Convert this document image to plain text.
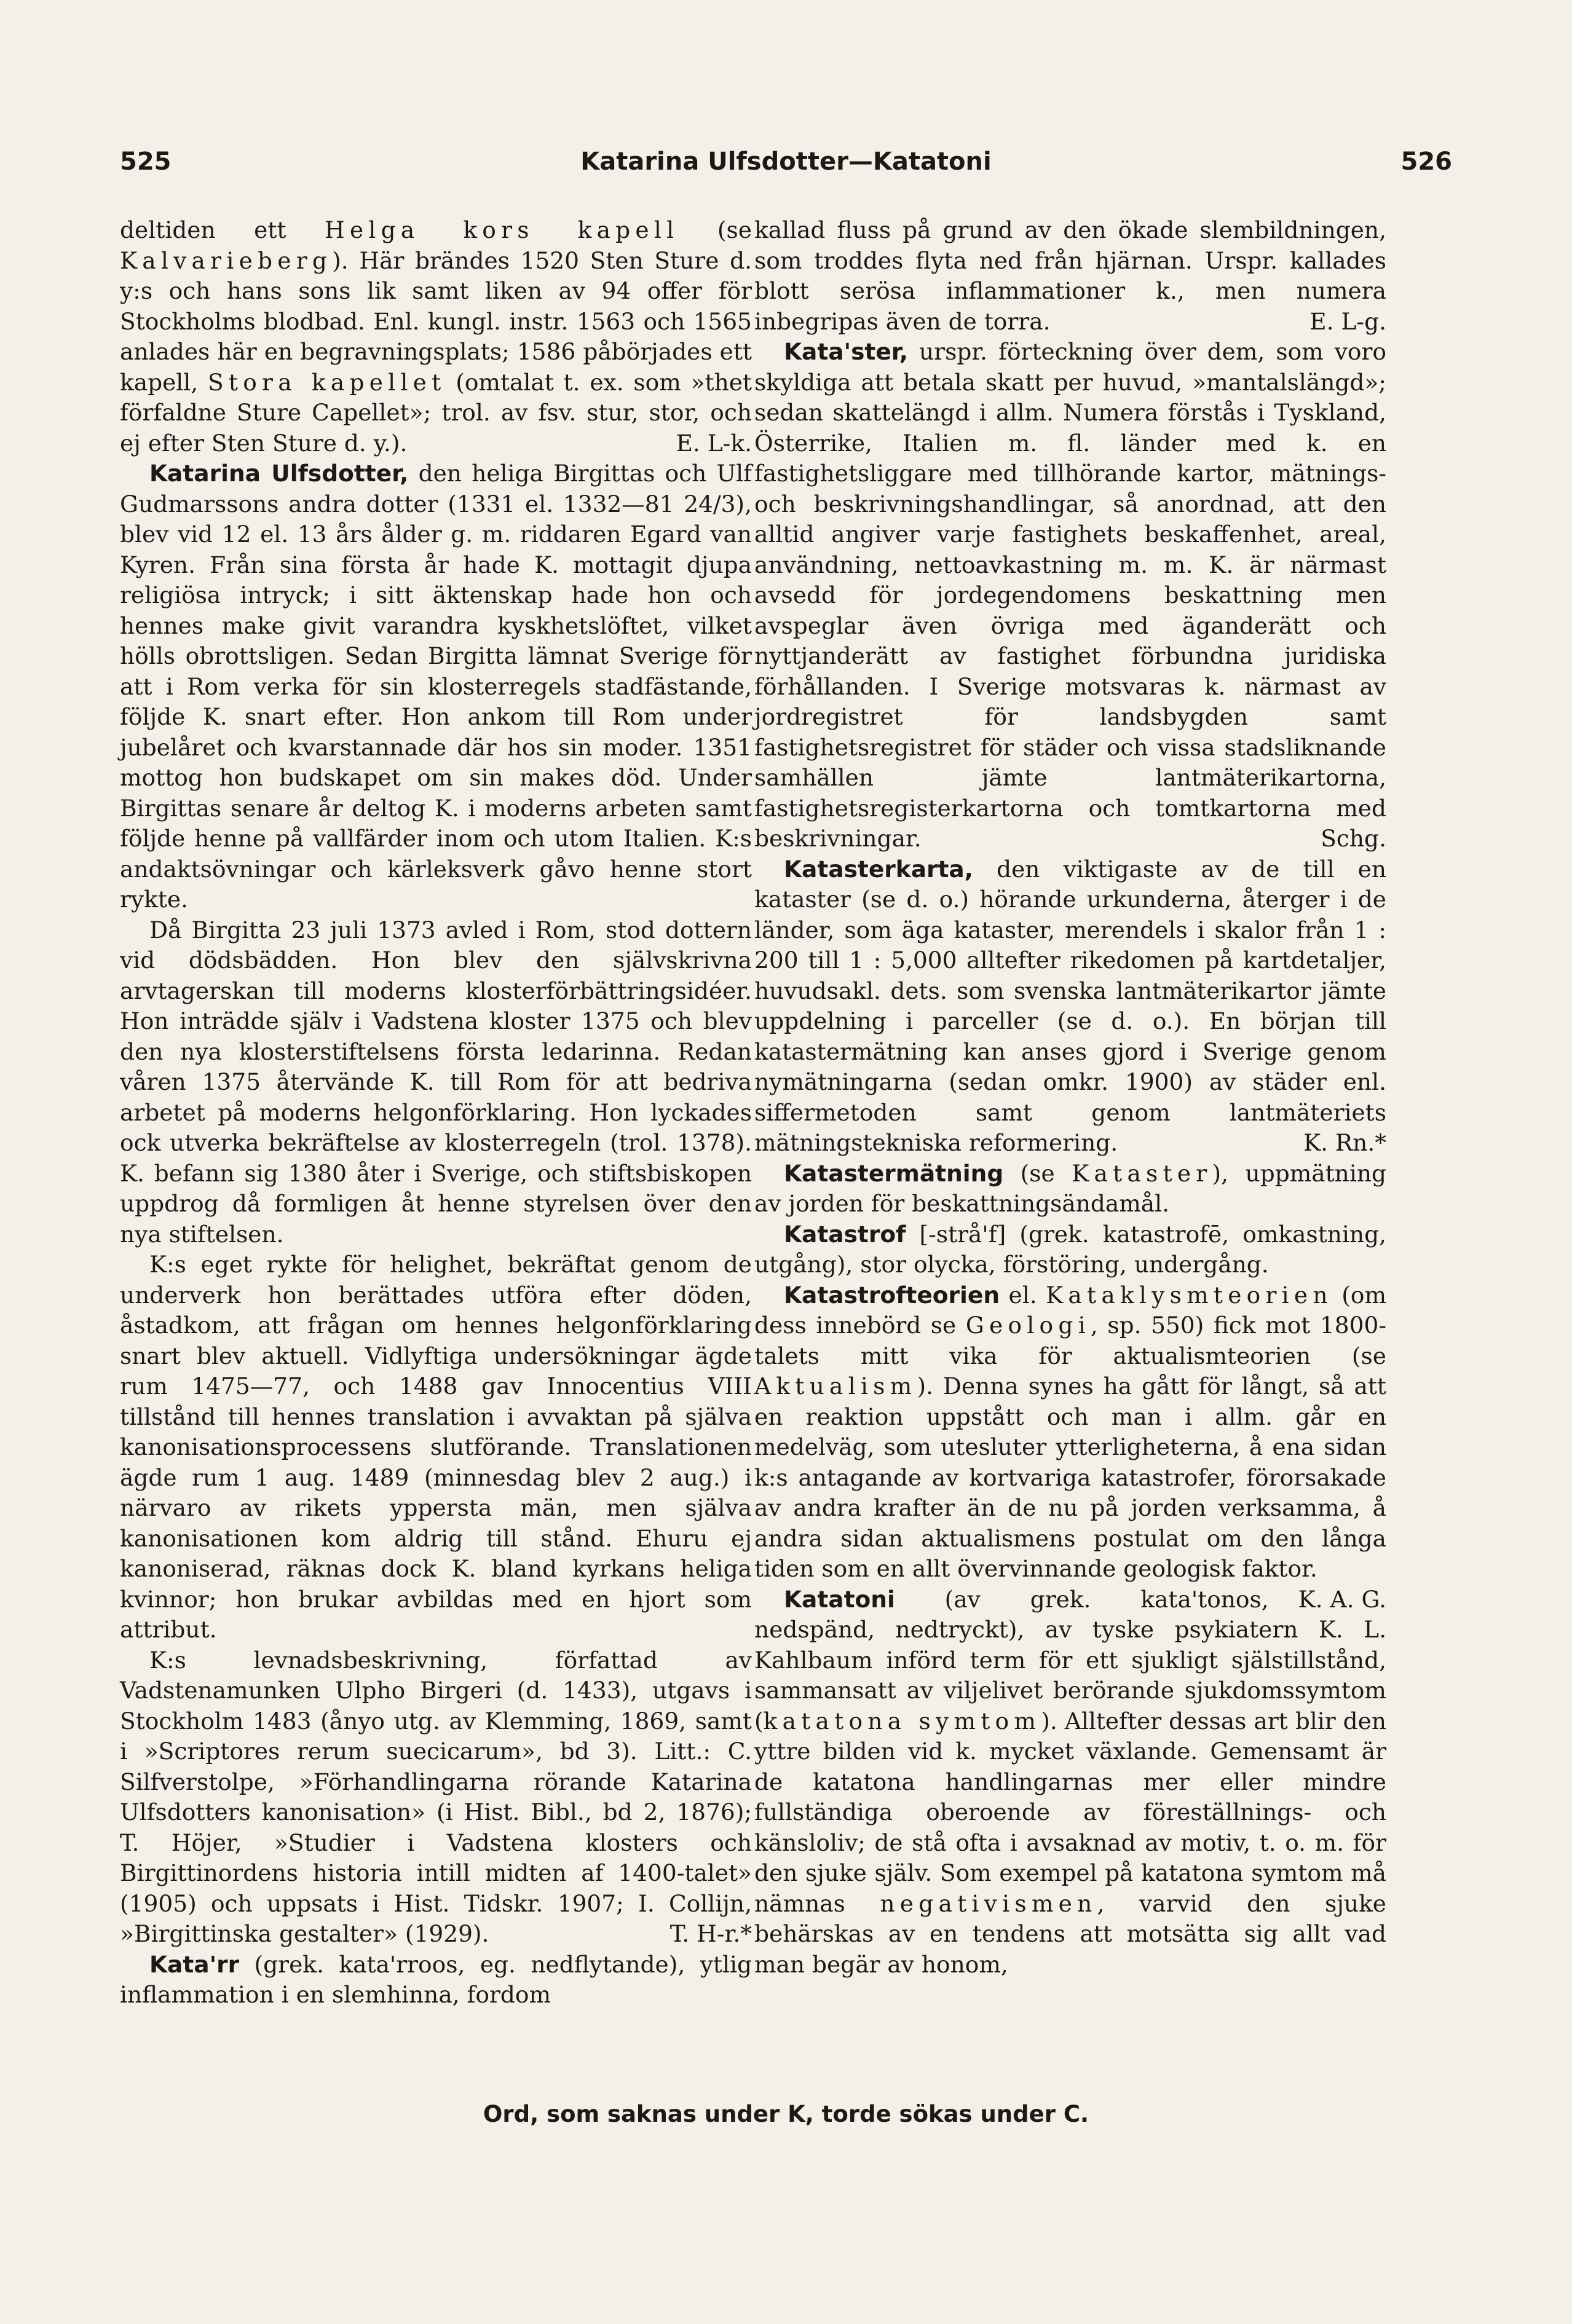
525	Katarina Ulfsdotter—Katatoni	526

deltiden ett Helga kors kapell (se Kalvarieberg). Här brändes 1520 Sten Sture d. y:s och hans sons lik samt liken av 94 offer för Stockholms blodbad. Enl. kungl. instr. 1563 och 1565 anlades här en begravningsplats; 1586 påbörjades ett kapell, Stora kapellet (omtalat t. ex. som »thet förfaldne Sture Capellet»; trol. av fsv. stur, stor, och ej efter Sten Sture d. y.).	E. L-k.

Katarina Ulfsdotter, den heliga Birgittas och Ulf Gudmarssons andra dotter (1331 el. 1332—81 24/3), blev vid 12 el. 13 års ålder g. m. riddaren Egard van Kyren. Från sina första år hade K. mottagit djupa religiösa intryck; i sitt äktenskap hade hon och hennes make givit varandra kyskhetslöftet, vilket hölls obrottsligen. Sedan Birgitta lämnat Sverige för att i Rom verka för sin klosterregels stadfästande, följde K. snart efter. Hon ankom till Rom under jubelåret och kvarstannade där hos sin moder. 1351 mottog hon budskapet om sin makes död. Under Birgittas senare år deltog K. i moderns arbeten samt följde henne på vallfärder inom och utom Italien. K:s andaktsövningar och kärleksverk gåvo henne stort rykte.

Då Birgitta 23 juli 1373 avled i Rom, stod dottern vid dödsbädden. Hon blev den självskrivna arvtagerskan till moderns klosterförbättringsidéer. Hon inträdde själv i Vadstena kloster 1375 och blev den nya klosterstiftelsens första ledarinna. Redan våren 1375 återvände K. till Rom för att bedriva arbetet på moderns helgonförklaring. Hon lyckades ock utverka bekräftelse av klosterregeln (trol. 1378). K. befann sig 1380 åter i Sverige, och stiftsbiskopen uppdrog då formligen åt henne styrelsen över den nya stiftelsen.

K:s eget rykte för helighet, bekräftat genom de underverk hon berättades utföra efter döden, åstadkom, att frågan om hennes helgonförklaring snart blev aktuell. Vidlyftiga undersökningar ägde rum 1475—77, och 1488 gav Innocentius VIII tillstånd till hennes translation i avvaktan på själva kanonisationsprocessens slutförande. Translationen ägde rum 1 aug. 1489 (minnesdag blev 2 aug.) i närvaro av rikets yppersta män, men själva kanonisationen kom aldrig till stånd. Ehuru ej kanoniserad, räknas dock K. bland kyrkans heliga kvinnor; hon brukar avbildas med en hjort som attribut.

K:s levnadsbeskrivning, författad av Vadstenamunken Ulpho Birgeri (d. 1433), utgavs i Stockholm 1483 (ånyo utg. av Klemming, 1869, samt i »Scriptores rerum suecicarum», bd 3). Litt.: C. Silfverstolpe, »Förhandlingarna rörande Katarina Ulfsdotters kanonisation» (i Hist. Bibl., bd 2, 1876); T. Höjer, »Studier i Vadstena klosters och Birgittinordens historia intill midten af 1400-talet» (1905) och uppsats i Hist. Tidskr. 1907; I. Collijn, »Birgittinska gestalter» (1929).	T. H-r.*

Kata'rr (grek. kata'rroos, eg. nedflytande), ytlig inflammation i en slemhinna, fordom

kallad fluss på grund av den ökade slembildningen, som troddes flyta ned från hjärnan. Urspr. kallades blott serösa inflammationer k., men numera inbegripas även de torra.	E. L-g.

Kata'ster, urspr. förteckning över dem, som voro skyldiga att betala skatt per huvud, »mantalslängd»; sedan skattelängd i allm. Numera förstås i Tyskland, Österrike, Italien m. fl. länder med k. en fastighetsliggare med tillhörande kartor, mätnings- och beskrivningshandlingar, så anordnad, att den alltid angiver varje fastighets beskaffenhet, areal, användning, nettoavkastning m. m. K. är närmast avsedd för jordegendomens beskattning men avspeglar även övriga med äganderätt och nyttjanderätt av fastighet förbundna juridiska förhållanden. I Sverige motsvaras k. närmast av jordregistret för landsbygden samt fastighetsregistret för städer och vissa stadsliknande samhällen jämte lantmäterikartorna, fastighetsregisterkartorna och tomtkartorna med beskrivningar.	Schg.

Katasterkarta, den viktigaste av de till en kataster (se d. o.) hörande urkunderna, återger i de länder, som äga kataster, merendels i skalor från 1 : 200 till 1 : 5,000 alltefter rikedomen på kartdetaljer, huvudsakl. dets. som svenska lantmäterikartor jämte uppdelning i parceller (se d. o.). En början till katastermätning kan anses gjord i Sverige genom nymätningarna (sedan omkr. 1900) av städer enl. siffermetoden samt genom lantmäteriets mätningstekniska reformering.	K. Rn.*

Katastermätning (se Kataster), uppmätning av jorden för beskattningsändamål.

Katastrof [-strå'f] (grek. katastrofē, omkastning, utgång), stor olycka, förstöring, undergång.

Katastrofteorien el. Kataklysmteorien (om dess innebörd se Geologi, sp. 550) fick mot 1800-talets mitt vika för aktualismteorien (se Aktualism). Denna synes ha gått för långt, så att en reaktion uppstått och man i allm. går en medelväg, som utesluter ytterligheterna, å ena sidan k:s antagande av kortvariga katastrofer, förorsakade av andra krafter än de nu på jorden verksamma, å andra sidan aktualismens postulat om den långa tiden som en allt övervinnande geologisk faktor.
K. A. G.

Katatoni (av grek. kata'tonos, nedspänd, nedtryckt), av tyske psykiatern K. L. Kahlbaum införd term för ett sjukligt själstillstånd, sammansatt av viljelivet berörande sjukdomssymtom (katatona symtom). Alltefter dessas art blir den yttre bilden vid k. mycket växlande. Gemensamt är de katatona handlingarnas mer eller mindre fullständiga oberoende av föreställnings- och känsloliv; de stå ofta i avsaknad av motiv, t. o. m. för den sjuke själv. Som exempel på katatona symtom må nämnas negativismen, varvid den sjuke behärskas av en tendens att motsätta sig allt vad man begär av honom,

Ord, som saknas under K, torde sökas under C.
